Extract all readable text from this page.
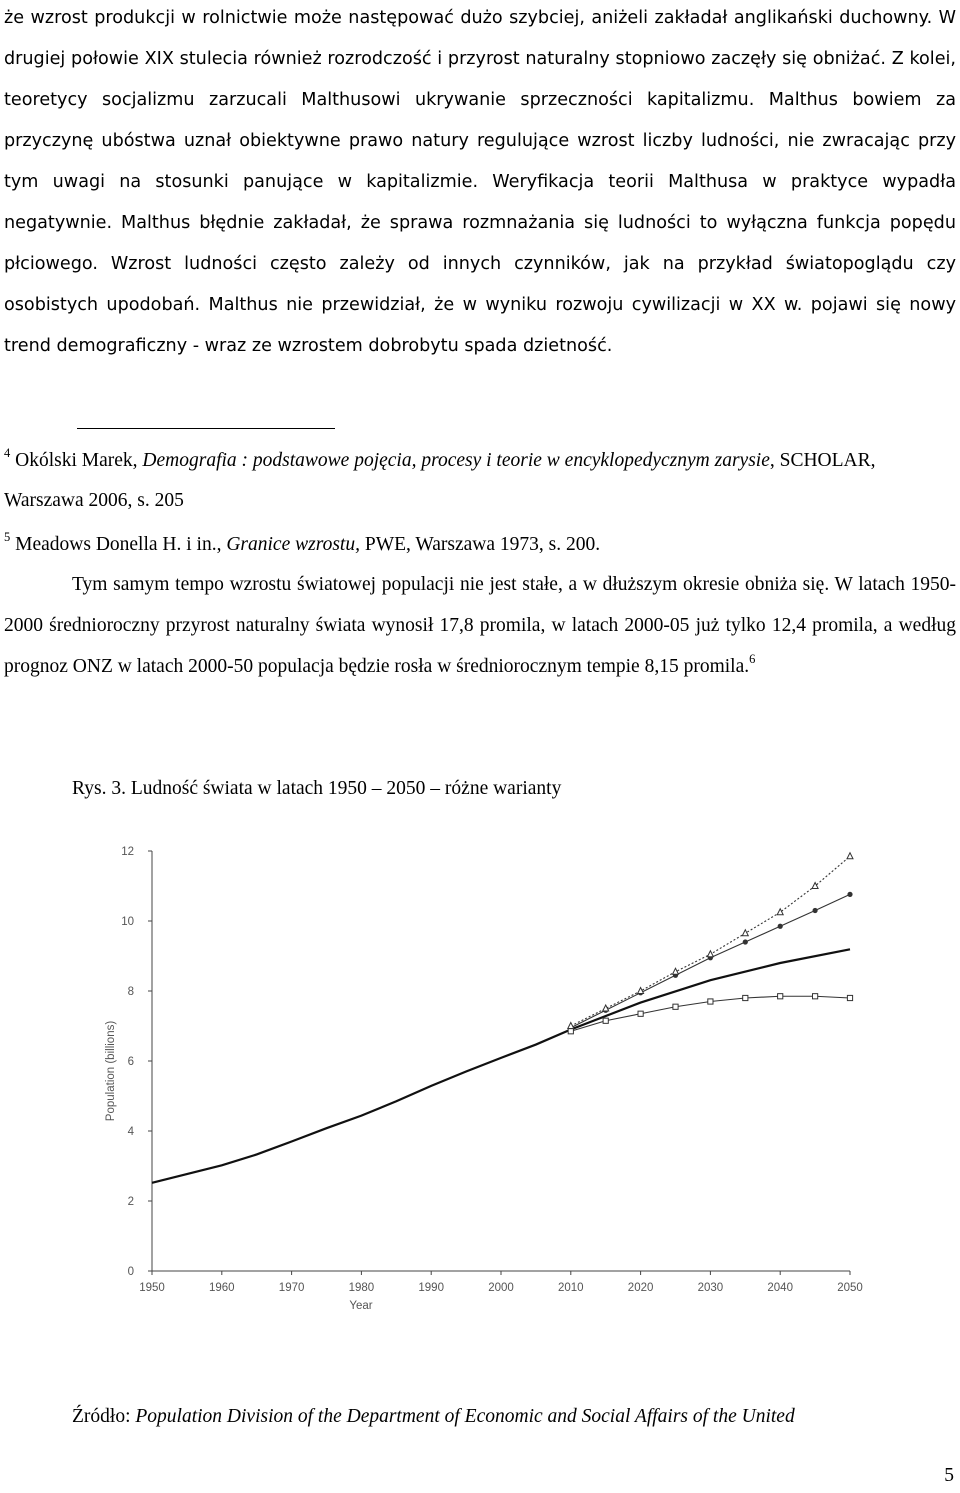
że wzrost produkcji w rolnictwie może następować dużo szybciej, aniżeli zakładał anglikański duchowny. W drugiej połowie XIX stulecia również rozrodczość i przyrost naturalny stopniowo zaczęły się obniżać. Z kolei, teoretycy socjalizmu zarzucali Malthusowi ukrywanie sprzeczności kapitalizmu. Malthus bowiem za przyczynę ubóstwa uznał obiektywne prawo natury regulujące wzrost liczby ludności, nie zwracając przy tym uwagi na stosunki panujące w kapitalizmie. Weryfikacja teorii Malthusa w praktyce wypadła negatywnie. Malthus błędnie zakładał, że sprawa rozmnażania się ludności to wyłączna funkcja popędu płciowego. Wzrost ludności często zależy od innych czynników, jak na przykład światopoglądu czy osobistych upodobań. Malthus nie przewidział, że w wyniku rozwoju cywilizacji w XX w. pojawi się nowy trend demograficzny - wraz ze wzrostem dobrobytu spada dzietność.

$^4$ Okólski Marek, Demografia : podstawowe pojęcia, procesy i teorie w encyklopedycznym zarysie, SCHOLAR, Warszawa 2006, s. 205

$^5$ Meadows Donella H. i in., Granice wzrostu, PWE, Warszawa 1973, s. 200.

Tym samym tempo wzrostu światowej populacji nie jest stałe, a w dłuższym okresie obniża się. W latach 1950-2000 średnioroczny przyrost naturalny świata wynosił 17,8 promila, w latach 2000-05 już tylko 12,4 promila, a według prognoz ONZ w latach 2000-50 populacja będzie rosła w średniorocznym tempie 8,15 promila.$^6$

Rys. 3. Ludność świata w latach 1950 – 2050 – różne warianty
0
2
4
6
8
10
12
1950	1960	1970	1980	1990	2000	2010	2020	2030	2040	2050
Year
Population (billions)
Źródło: Population Division of the Department of Economic and Social Affairs of the United
5
